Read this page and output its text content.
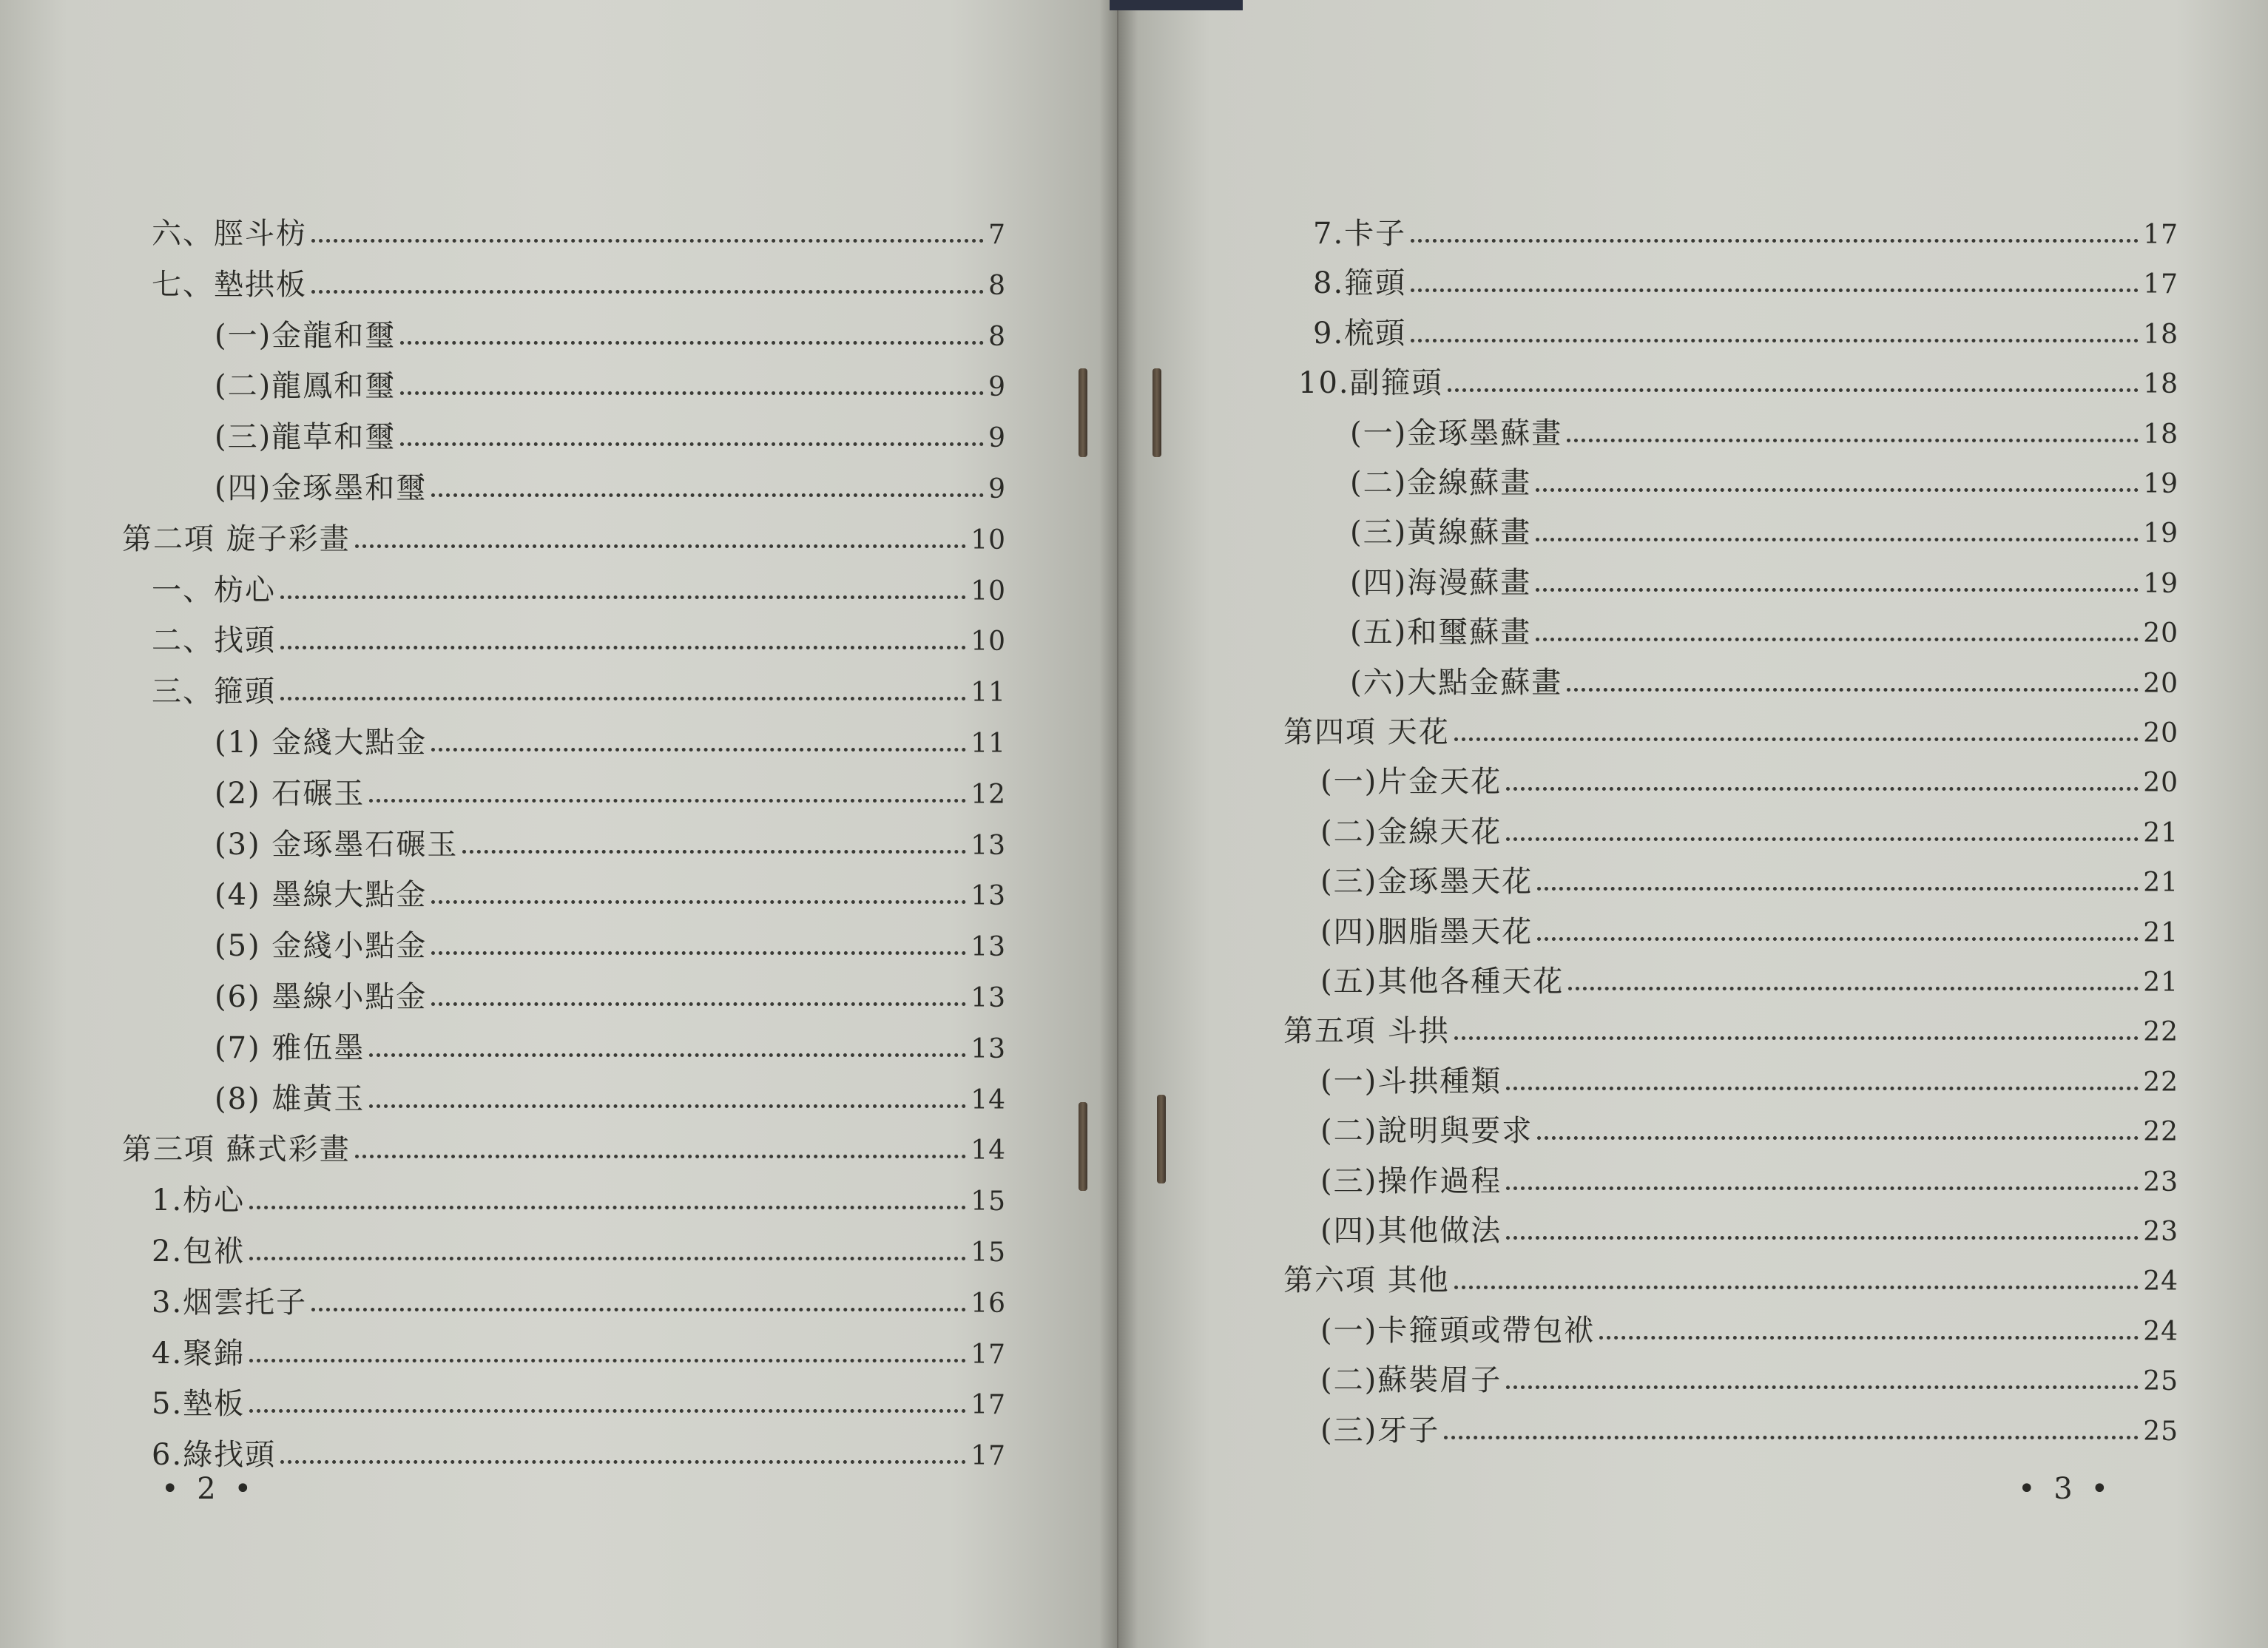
六、脛斗枋	7
七、墊拱板	8
(一)金龍和璽	8
(二)龍鳳和璽	9
(三)龍草和璽	9
(四)金琢墨和璽	9
第二項 旋子彩畫	10
一、枋心	10
二、找頭	10
三、箍頭	11
(1) 金綫大點金	11
(2) 石碾玉	12
(3) 金琢墨石碾玉	13
(4) 墨線大點金	13
(5) 金綫小點金	13
(6) 墨線小點金	13
(7) 雅伍墨	13
(8) 雄黃玉	14
第三項 蘇式彩畫	14
1.枋心	15
2.包袱	15
3.烟雲托子	16
4.聚錦	17
5.墊板	17
6.綠找頭	17
7.卡子	17
8.箍頭	17
9.梳頭	18
10.副箍頭	18
(一)金琢墨蘇畫	18
(二)金線蘇畫	19
(三)黃線蘇畫	19
(四)海漫蘇畫	19
(五)和璽蘇畫	20
(六)大點金蘇畫	20
第四項 天花	20
(一)片金天花	20
(二)金線天花	21
(三)金琢墨天花	21
(四)胭脂墨天花	21
(五)其他各種天花	21
第五項 斗拱	22
(一)斗拱種類	22
(二)說明與要求	22
(三)操作過程	23
(四)其他做法	23
第六項 其他	24
(一)卡箍頭或帶包袱	24
(二)蘇裝眉子	25
(三)牙子	25
• 2 •	• 3 •
